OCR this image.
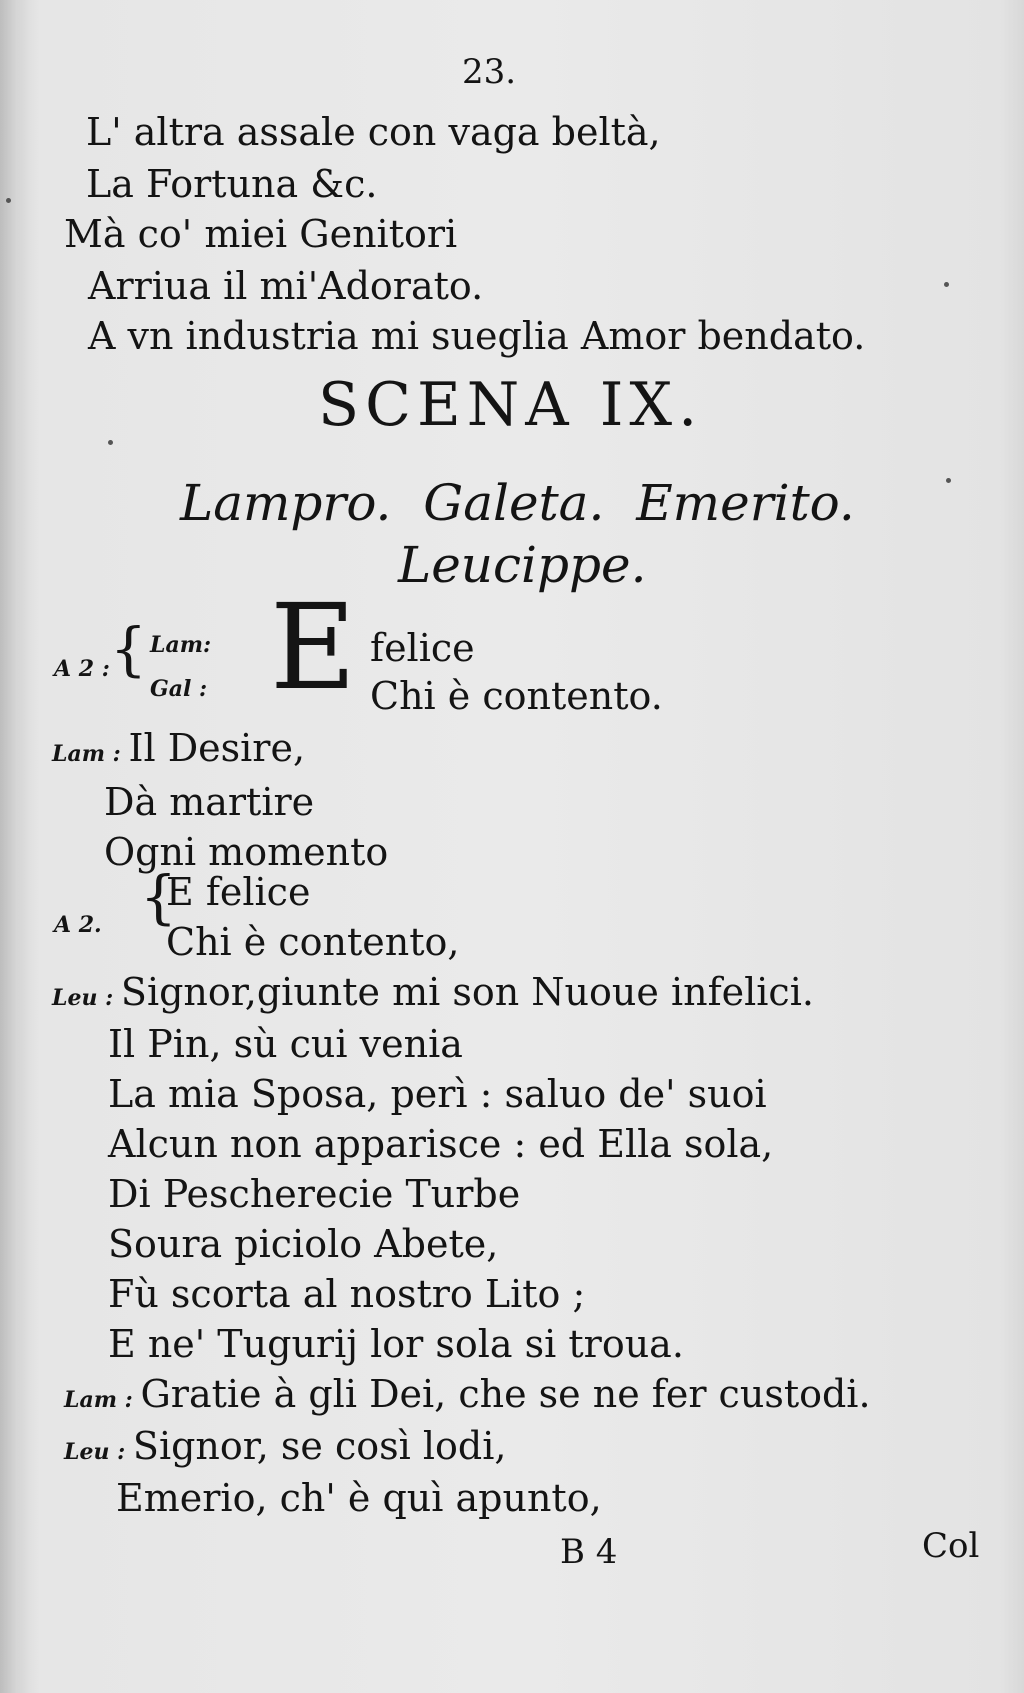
23.
L' altra assale con vaga beltà,
La Fortuna &c.
Mà co' miei Genitori
Arriua il mi'Adorato.
A vn industria mi sueglia Amor bendato.
SCENA IX.
Lampro. Galeta. Emerito.
Leucippe.
A 2 : { Lam:
Gal : E felice
Chi è contento.
Lam : Il Desire,
Dà martire
Ogni momento
A 2. {
E felice
Chi è contento,
Leu : Signor,giunte mi son Nuoue infelici.
Il Pin, sù cui venia
La mia Sposa, perì : saluo de' suoi
Alcun non apparisce : ed Ella sola,
Di Pescherecie Turbe
Soura piciolo Abete,
Fù scorta al nostro Lito ;
E ne' Tugurij lor sola si troua.
Lam : Gratie à gli Dei, che se ne fer custodi.
Leu : Signor, se così lodi,
Emerio, ch' è quì apunto,
B 4	Col
